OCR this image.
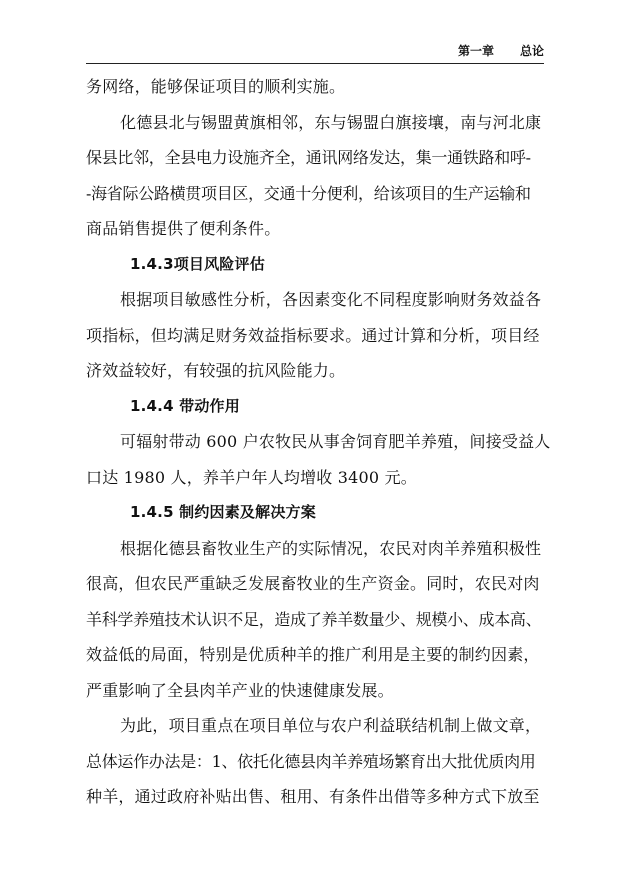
第一章 总论

务网络，能够保证项目的顺利实施。

化德县北与锡盟黄旗相邻，东与锡盟白旗接壤，南与河北康

保县比邻，全县电力设施齐全，通讯网络发达，集一通铁路和呼-

-海省际公路横贯项目区，交通十分便利，给该项目的生产运输和

商品销售提供了便利条件。

1.4.3项目风险评估

根据项目敏感性分析，各因素变化不同程度影响财务效益各

项指标，但均满足财务效益指标要求。通过计算和分析，项目经

济效益较好，有较强的抗风险能力。

1.4.4 带动作用

可辐射带动 600 户农牧民从事舍饲育肥羊养殖，间接受益人

口达 1980 人，养羊户年人均增收 3400 元。

1.4.5 制约因素及解决方案

根据化德县畜牧业生产的实际情况，农民对肉羊养殖积极性

很高，但农民严重缺乏发展畜牧业的生产资金。同时，农民对肉

羊科学养殖技术认识不足，造成了养羊数量少、规模小、成本高、

效益低的局面，特别是优质种羊的推广利用是主要的制约因素，

严重影响了全县肉羊产业的快速健康发展。

为此，项目重点在项目单位与农户利益联结机制上做文章，

总体运作办法是：1、依托化德县肉羊养殖场繁育出大批优质肉用

种羊，通过政府补贴出售、租用、有条件出借等多种方式下放至
